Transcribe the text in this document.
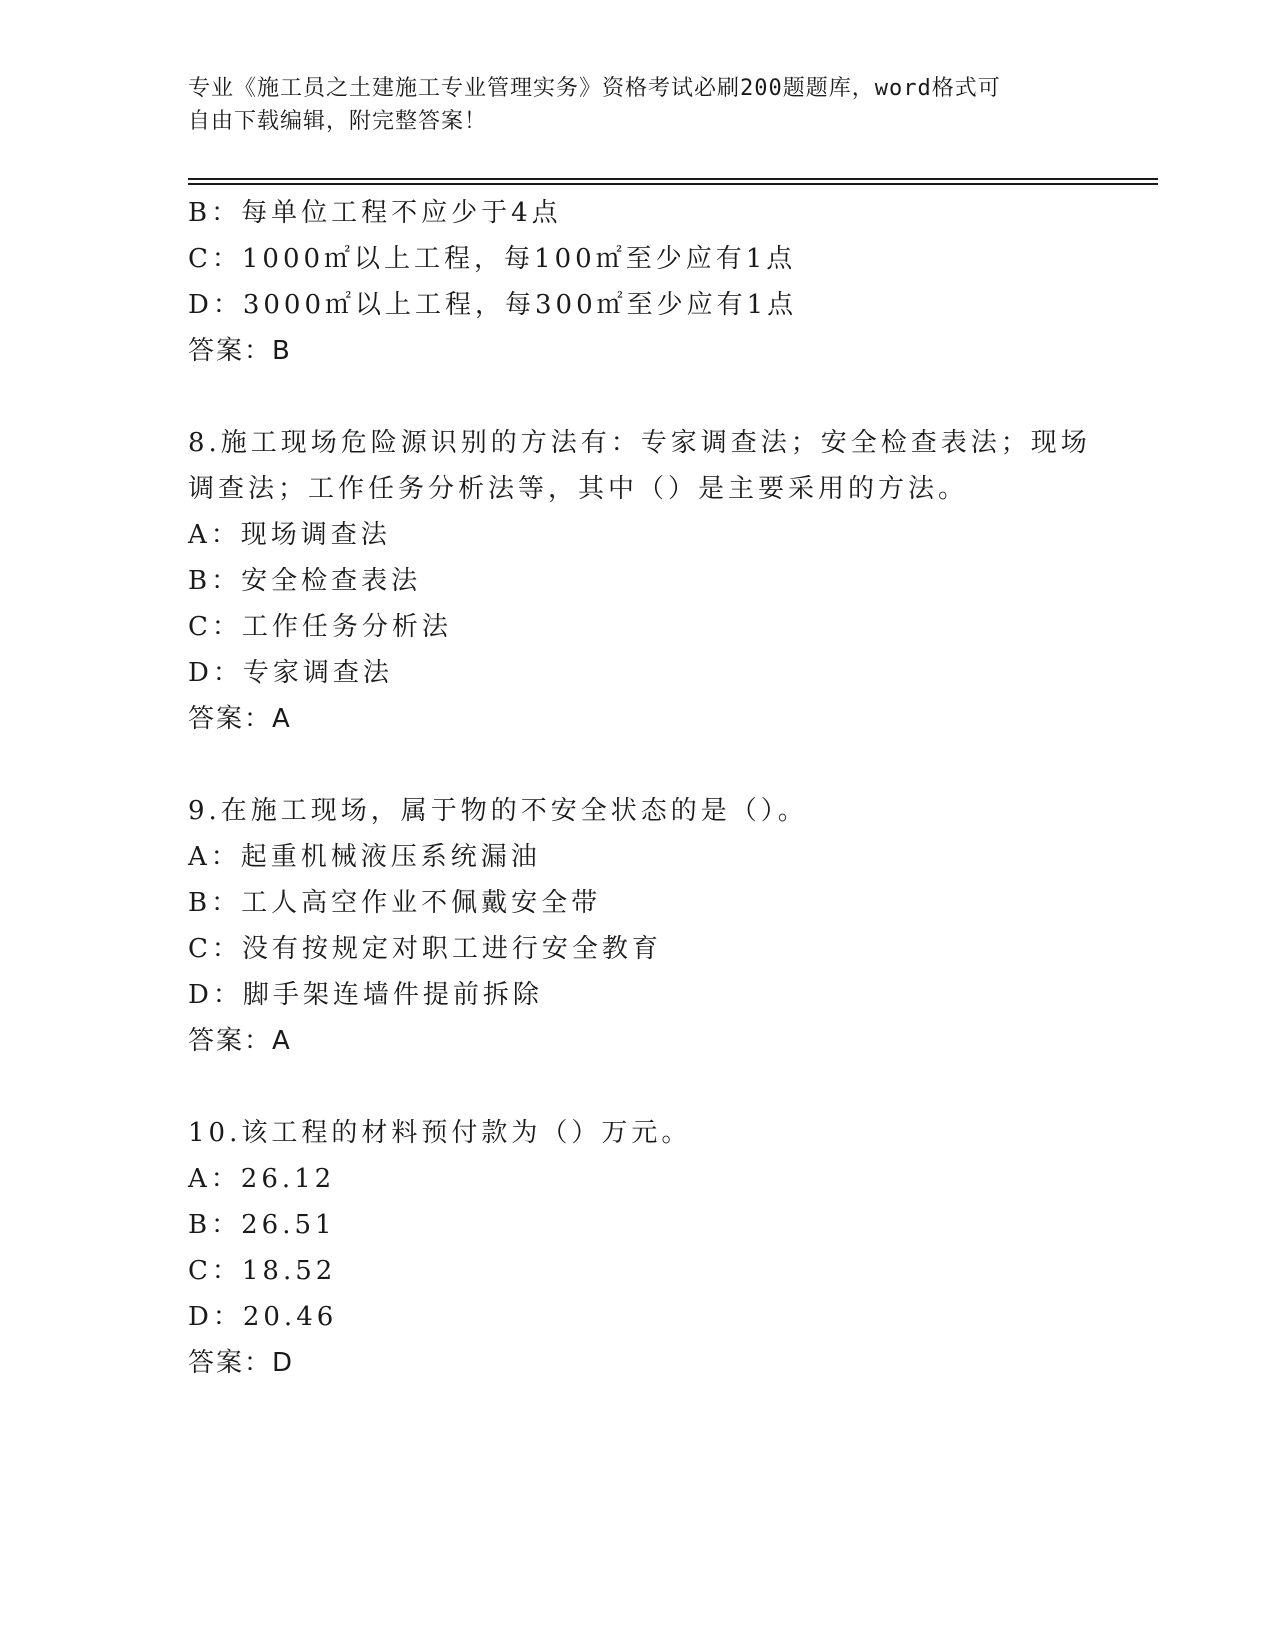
专业《施工员之土建施工专业管理实务》资格考试必刷200题题库，word格式可
自由下载编辑，附完整答案！
B：每单位工程不应少于4点
C：1000㎡以上工程，每100㎡至少应有1点
D：3000㎡以上工程，每300㎡至少应有1点
答案：B
8.施工现场危险源识别的方法有：专家调查法；安全检查表法；现场
调查法；工作任务分析法等，其中（）是主要采用的方法。
A：现场调查法
B：安全检查表法
C：工作任务分析法
D：专家调查法
答案：A
9.在施工现场，属于物的不安全状态的是（）。
A：起重机械液压系统漏油
B：工人高空作业不佩戴安全带
C：没有按规定对职工进行安全教育
D：脚手架连墙件提前拆除
答案：A
10.该工程的材料预付款为（）万元。
A：26.12
B：26.51
C：18.52
D：20.46
答案：D
